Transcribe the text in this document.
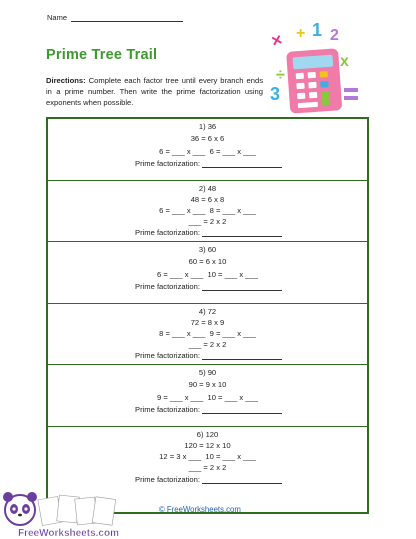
Name
Prime Tree Trail
Directions: Complete each factor tree until every branch ends in a prime number. Then write the prime factorization using exponents when possible.
× + 1 2
x
3
÷
1) 36
36 = 6 x 6
6 = ___ x ___  6 = ___ x ___
Prime factorization:
2) 48
48 = 6 x 8
6 = ___ x ___  8 = ___ x ___
___ = 2 x 2
Prime factorization:
3) 60
60 = 6 x 10
6 = ___ x ___  10 = ___ x ___
Prime factorization:
4) 72
72 = 8 x 9
8 = ___ x ___  9 = ___ x ___
___ = 2 x 2
Prime factorization:
5) 90
90 = 9 x 10
9 = ___ x ___  10 = ___ x ___
Prime factorization:
6) 120
120 = 12 x 10
12 = 3 x ___  10 = ___ x ___
___ = 2 x 2
Prime factorization:
FreeWorksheets.com
© FreeWorksheets.com
